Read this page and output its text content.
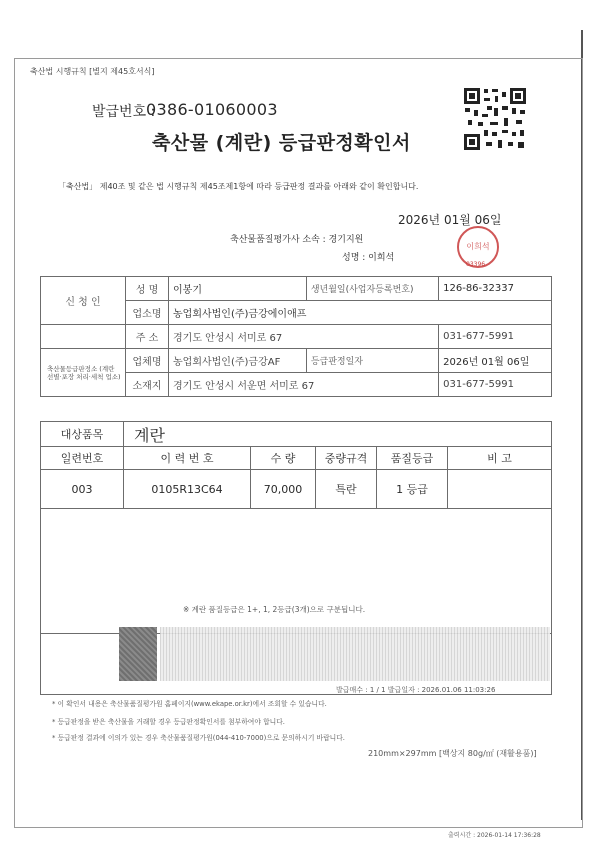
축산법 시행규칙 [별지 제45호서식]
발급번호 :
0386-01060003
축산물 (계란) 등급판정확인서
「축산법」 제40조 및 같은 법 시행규칙 제45조제1항에 따라 등급판정 결과를 아래와 같이 확인합니다.
2026년 01월 06일
축산물품질평가사 소속 : 경기지원
성명 : 이희석
이희석
03396
신 청 인	성 명	이봉기	생년월일(사업자등록번호)	126-86-32337
	업소명	농업회사법인(주)금강에이애프		
	주 소	경기도 안성시 서미로 67		031-677-5991
축산물등급판정소 (계란 선별·포장 처리·세척 업소)	업체명	농업회사법인(주)금강AF	등급판정일자	2026년 01월 06일
	소재지	경기도 안성시 서운면 서미로 67		031-677-5991
대상품목	계란				
일련번호	이 력 번 호	수 량	중량규격	품질등급	비 고
003	0105R13C64	70,000	특란	1 등급	

※ 계란 품질등급은 1+, 1, 2등급(3개)으로 구분됩니다.					

발급매수 : 1 / 1 발급일자 : 2026.01.06 11:03:26
* 이 확인서 내용은 축산물품질평가원 홈페이지(www.ekape.or.kr)에서 조회할 수 있습니다.
* 등급판정을 받은 축산물을 거래할 경우 등급판정확인서를 첨부하여야 합니다.
* 등급판정 결과에 이의가 있는 경우 축산물품질평가원(044-410-7000)으로 문의하시기 바랍니다.
210mm×297mm [백상지 80g/㎡ (재활용품)]
출력시간 : 2026-01-14 17:36:28
